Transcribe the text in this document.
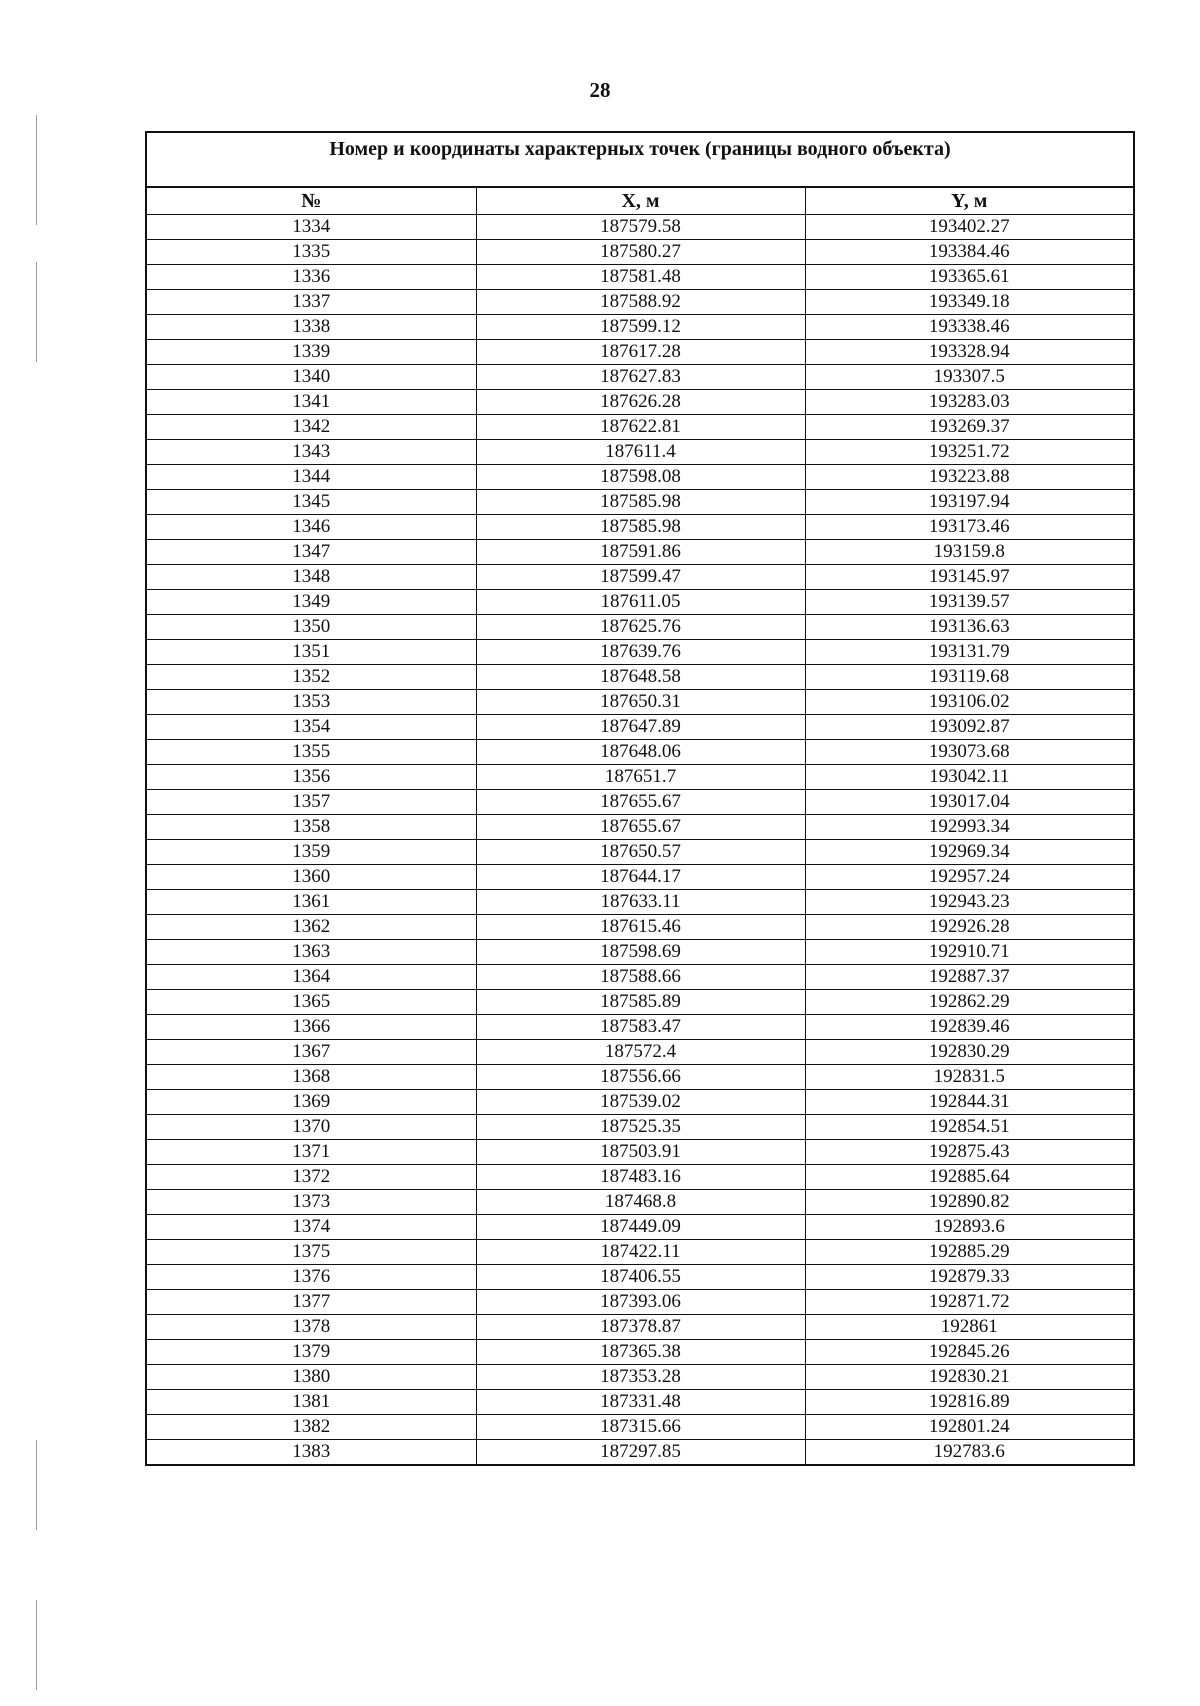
28
Номер и координаты характерных точек (границы водного объекта)		
№	X, м	Y, м
1334	187579.58	193402.27
1335	187580.27	193384.46
1336	187581.48	193365.61
1337	187588.92	193349.18
1338	187599.12	193338.46
1339	187617.28	193328.94
1340	187627.83	193307.5
1341	187626.28	193283.03
1342	187622.81	193269.37
1343	187611.4	193251.72
1344	187598.08	193223.88
1345	187585.98	193197.94
1346	187585.98	193173.46
1347	187591.86	193159.8
1348	187599.47	193145.97
1349	187611.05	193139.57
1350	187625.76	193136.63
1351	187639.76	193131.79
1352	187648.58	193119.68
1353	187650.31	193106.02
1354	187647.89	193092.87
1355	187648.06	193073.68
1356	187651.7	193042.11
1357	187655.67	193017.04
1358	187655.67	192993.34
1359	187650.57	192969.34
1360	187644.17	192957.24
1361	187633.11	192943.23
1362	187615.46	192926.28
1363	187598.69	192910.71
1364	187588.66	192887.37
1365	187585.89	192862.29
1366	187583.47	192839.46
1367	187572.4	192830.29
1368	187556.66	192831.5
1369	187539.02	192844.31
1370	187525.35	192854.51
1371	187503.91	192875.43
1372	187483.16	192885.64
1373	187468.8	192890.82
1374	187449.09	192893.6
1375	187422.11	192885.29
1376	187406.55	192879.33
1377	187393.06	192871.72
1378	187378.87	192861
1379	187365.38	192845.26
1380	187353.28	192830.21
1381	187331.48	192816.89
1382	187315.66	192801.24
1383	187297.85	192783.6
